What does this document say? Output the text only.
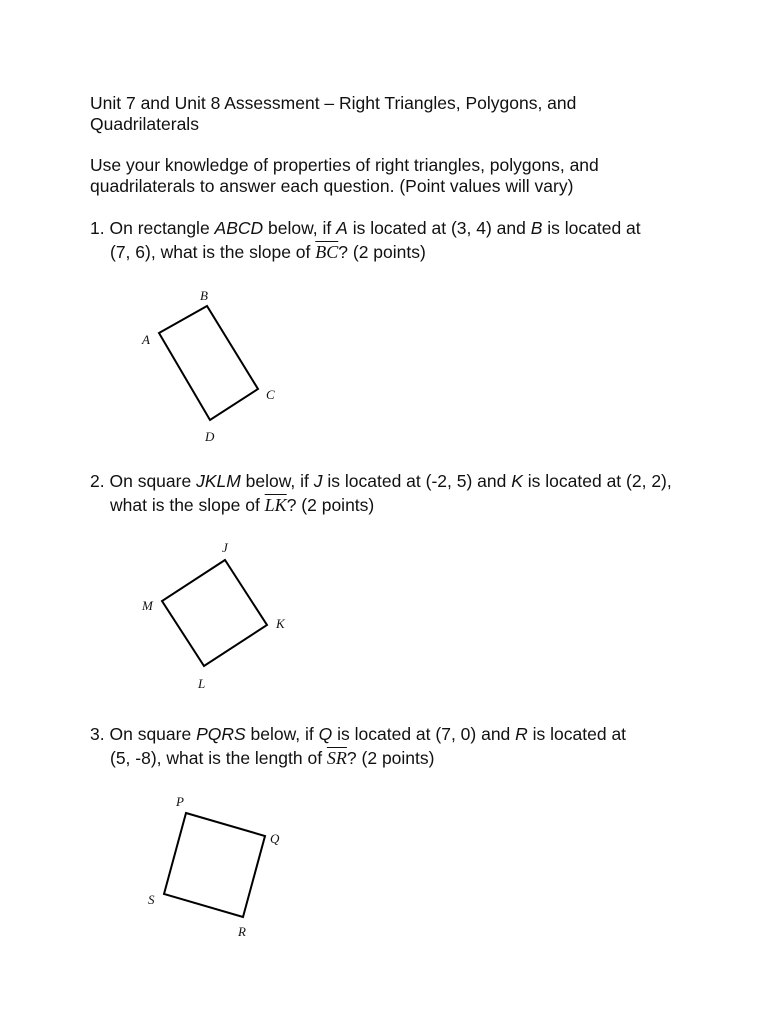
Unit 7 and Unit 8 Assessment – Right Triangles, Polygons, and
Quadrilaterals

Use your knowledge of properties of right triangles, polygons, and
quadrilaterals to answer each question. (Point values will vary)

1. On rectangle ABCD below, if A is located at (3, 4) and B is located at
(7, 6), what is the slope of $\overline{BC}$? (2 points)
B
A
C
D
2. On square JKLM below, if J is located at (-2, 5) and K is located at (2, 2),
what is the slope of $\overline{LK}$? (2 points)
J
M
K
L
3. On square PQRS below, if Q is located at (7, 0) and R is located at
(5, -8), what is the length of $\overline{SR}$? (2 points)
P
Q
S
R
